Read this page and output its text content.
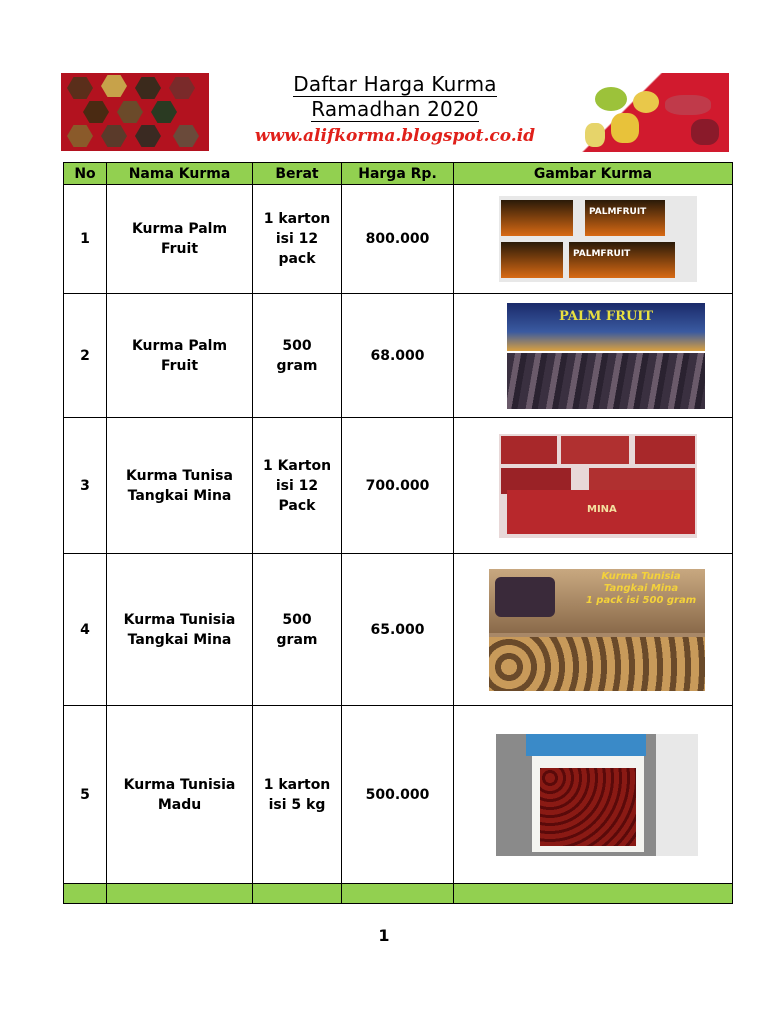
Daftar Harga Kurma
Ramadhan 2020
www.alifkorma.blogspot.co.id
No	Nama Kurma	Berat	Harga Rp.	Gambar Kurma
1	Kurma Palm Fruit	1 karton isi 12 pack	800.000	PALMFRUIT
PALMFRUIT

2	Kurma Palm Fruit	500 gram	68.000	PALM FRUIT

3	Kurma Tunisa Tangkai Mina	1 Karton isi 12 Pack	700.000	MINA

4	Kurma Tunisia Tangkai Mina	500 gram	65.000	Kurma Tunisia
Tangkai Mina
1 pack isi 500 gram

5	Kurma Tunisia Madu	1 karton isi 5 kg	500.000	

1
